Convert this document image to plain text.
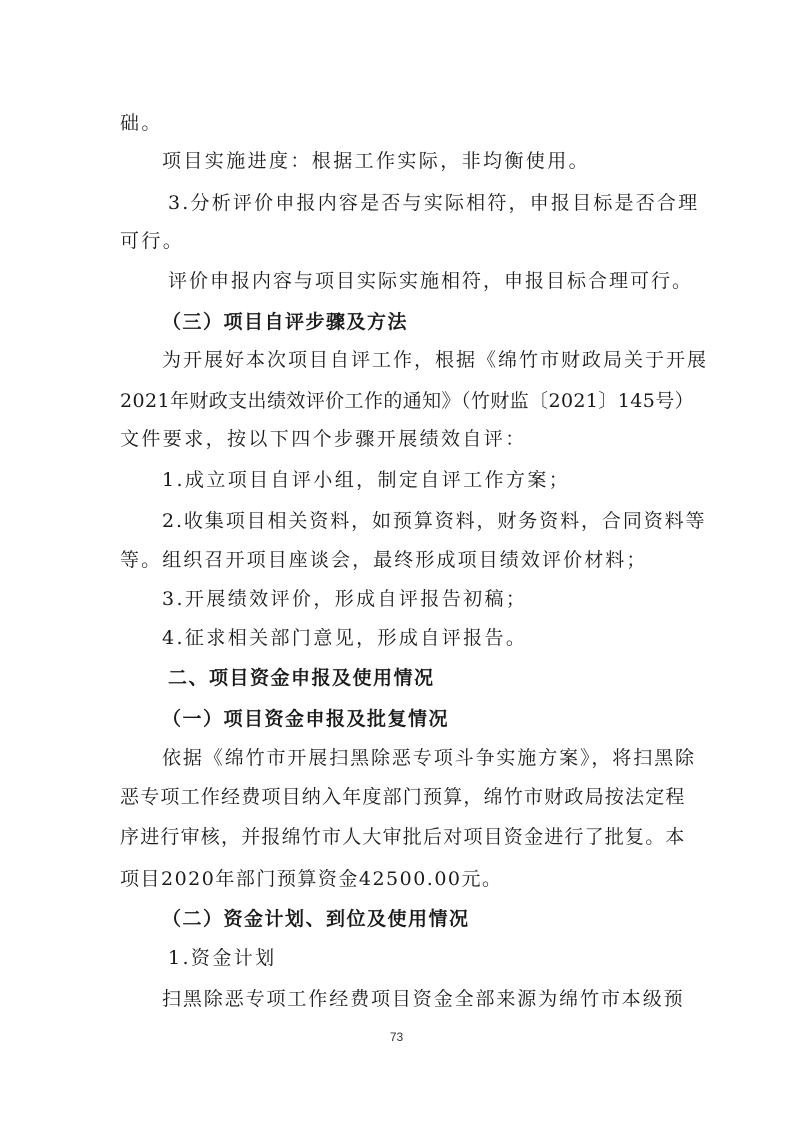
础。
项目实施进度：根据工作实际，非均衡使用。
3.分析评价申报内容是否与实际相符，申报目标是否合理
可行。
评价申报内容与项目实际实施相符，申报目标合理可行。
（三）项目自评步骤及方法
为开展好本次项目自评工作，根据《绵竹市财政局关于开展
2021年财政支出绩效评价工作的通知》（竹财监〔2021〕145号）
文件要求，按以下四个步骤开展绩效自评：
1.成立项目自评小组，制定自评工作方案；
2.收集项目相关资料，如预算资料，财务资料，合同资料等
等。组织召开项目座谈会，最终形成项目绩效评价材料；
3.开展绩效评价，形成自评报告初稿；
4.征求相关部门意见，形成自评报告。
二、项目资金申报及使用情况
（一）项目资金申报及批复情况
依据《绵竹市开展扫黑除恶专项斗争实施方案》，将扫黑除
恶专项工作经费项目纳入年度部门预算，绵竹市财政局按法定程
序进行审核，并报绵竹市人大审批后对项目资金进行了批复。本
项目2020年部门预算资金42500.00元。
（二）资金计划、到位及使用情况
1.资金计划
扫黑除恶专项工作经费项目资金全部来源为绵竹市本级预
73
